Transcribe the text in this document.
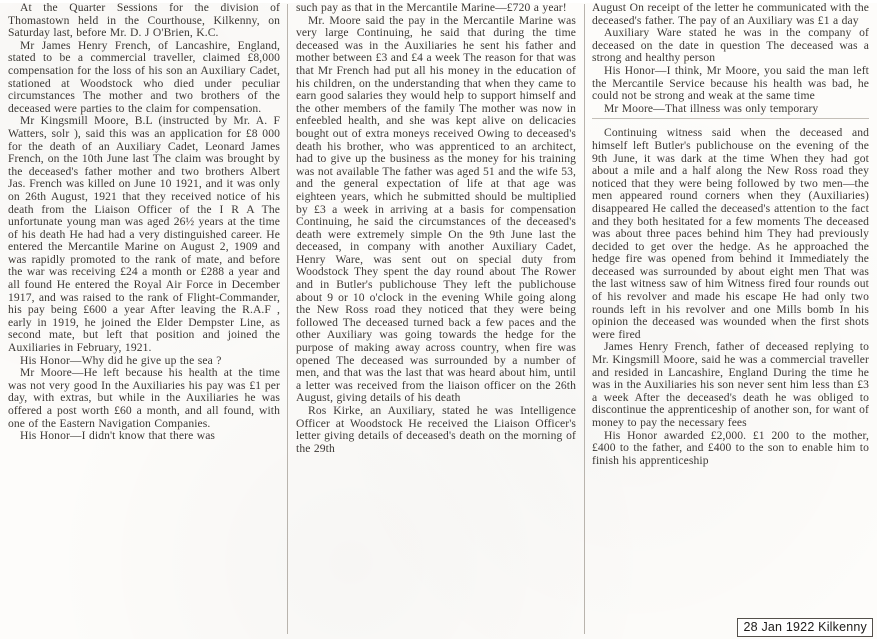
At the Quarter Sessions for the division of Thomastown held in the Courthouse, Kilkenny, on Saturday last, before Mr. D. J O'Brien, K.C.

Mr James Henry French, of Lancashire, England, stated to be a commercial traveller, claimed £8,000 compensation for the loss of his son an Auxiliary Cadet, stationed at Woodstock who died under peculiar circumstances The mother and two brothers of the deceased were parties to the claim for compensation.

Mr Kingsmill Moore, B.L (instructed by Mr. A. F Watters, solr ), said this was an application for £8 000 for the death of an Auxiliary Cadet, Leonard James French, on the 10th June last The claim was brought by the deceased's father mother and two brothers Albert Jas. French was killed on June 10 1921, and it was only on 26th August, 1921 that they received notice of his death from the Liaison Officer of the I R A The unfortunate young man was aged 26½ years at the time of his death He had had a very distinguished career. He entered the Mercantile Marine on August 2, 1909 and was rapidly promoted to the rank of mate, and before the war was receiving £24 a month or £288 a year and all found He entered the Royal Air Force in December 1917, and was raised to the rank of Flight-Commander, his pay being £600 a year After leaving the R.A.F , early in 1919, he joined the Elder Dempster Line, as second mate, but left that position and joined the Auxiliaries in February, 1921.

His Honor—Why did he give up the sea ?

Mr Moore—He left because his health at the time was not very good In the Auxiliaries his pay was £1 per day, with extras, but while in the Auxiliaries he was offered a post worth £60 a month, and all found, with one of the Eastern Navigation Companies.

His Honor—I didn't know that there was

such pay as that in the Mercantile Marine—£720 a year!

Mr. Moore said the pay in the Mercantile Marine was very large Continuing, he said that during the time deceased was in the Auxiliaries he sent his father and mother between £3 and £4 a week The reason for that was that Mr French had put all his money in the education of his children, on the understanding that when they came to earn good salaries they would help to support himself and the other members of the family The mother was now in enfeebled health, and she was kept alive on delicacies bought out of extra moneys received Owing to deceased's death his brother, who was apprenticed to an architect, had to give up the business as the money for his training was not available The father was aged 51 and the wife 53, and the general expectation of life at that age was eighteen years, which he submitted should be multiplied by £3 a week in arriving at a basis for compensation Continuing, he said the circumstances of the deceased's death were extremely simple On the 9th June last the deceased, in company with another Auxiliary Cadet, Henry Ware, was sent out on special duty from Woodstock They spent the day round about The Rower and in Butler's publichouse They left the publichouse about 9 or 10 o'clock in the evening While going along the New Ross road they noticed that they were being followed The deceased turned back a few paces and the other Auxiliary was going towards the hedge for the purpose of making away across country, when fire was opened The deceased was surrounded by a number of men, and that was the last that was heard about him, until a letter was received from the liaison officer on the 26th August, giving details of his death

Ros Kirke, an Auxiliary, stated he was Intelligence Officer at Woodstock He received the Liaison Officer's letter giving details of deceased's death on the morning of the 29th

August On receipt of the letter he communicated with the deceased's father. The pay of an Auxiliary was £1 a day

Auxiliary Ware stated he was in the company of deceased on the date in question The deceased was a strong and healthy person

His Honor—I think, Mr Moore, you said the man left the Mercantile Service because his health was bad, he could not be strong and weak at the same time

Mr Moore—That illness was only temporary

Continuing witness said when the deceased and himself left Butler's publichouse on the evening of the 9th June, it was dark at the time When they had got about a mile and a half along the New Ross road they noticed that they were being followed by two men—the men appeared round corners when they (Auxiliaries) disappeared He called the deceased's attention to the fact and they both hesitated for a few moments The deceased was about three paces behind him They had previously decided to get over the hedge. As he approached the hedge fire was opened from behind it Immediately the deceased was surrounded by about eight men That was the last witness saw of him Witness fired four rounds out of his revolver and made his escape He had only two rounds left in his revolver and one Mills bomb In his opinion the deceased was wounded when the first shots were fired

James Henry French, father of deceased replying to Mr. Kingsmill Moore, said he was a commercial traveller and resided in Lancashire, England During the time he was in the Auxiliaries his son never sent him less than £3 a week After the deceased's death he was obliged to discontinue the apprenticeship of another son, for want of money to pay the necessary fees

His Honor awarded £2,000. £1 200 to the mother, £400 to the father, and £400 to the son to enable him to finish his apprenticeship

28 Jan 1922 Kilkenny
